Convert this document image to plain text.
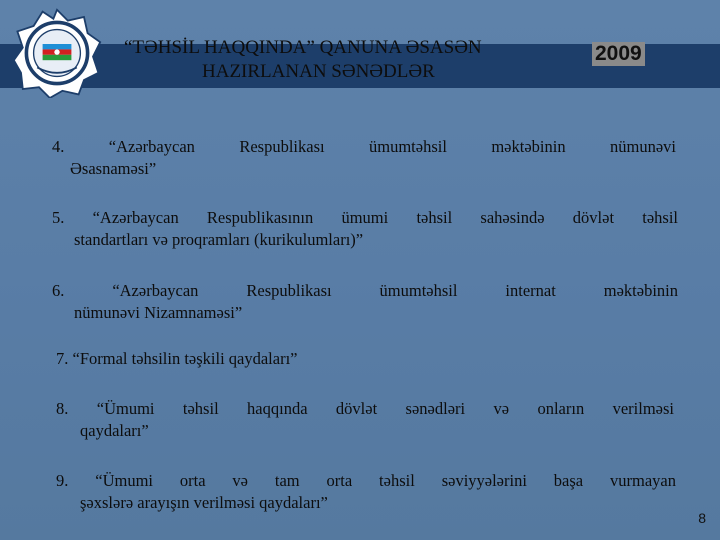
“TƏHSİL HAQQINDA” QANUNA ƏSASƏN
HAZIRLANAN SƏNƏDLƏR
2009
4. “Azərbaycan Respublikası ümumtəhsil məktəbinin nümunəvi
Əsasnaməsi”
5. “Azərbaycan Respublikasının ümumi təhsil sahəsində dövlət təhsil
standartları və proqramları (kurikulumları)”
6. “Azərbaycan Respublikası ümumtəhsil internat məktəbinin
nümunəvi Nizamnaməsi”
7. “Formal təhsilin təşkili qaydaları”
8. “Ümumi təhsil haqqında dövlət sənədləri və onların verilməsi
qaydaları”
9. “Ümumi orta və tam orta təhsil səviyyələrini başa vurmayan
şəxslərə arayışın verilməsi qaydaları”
8
